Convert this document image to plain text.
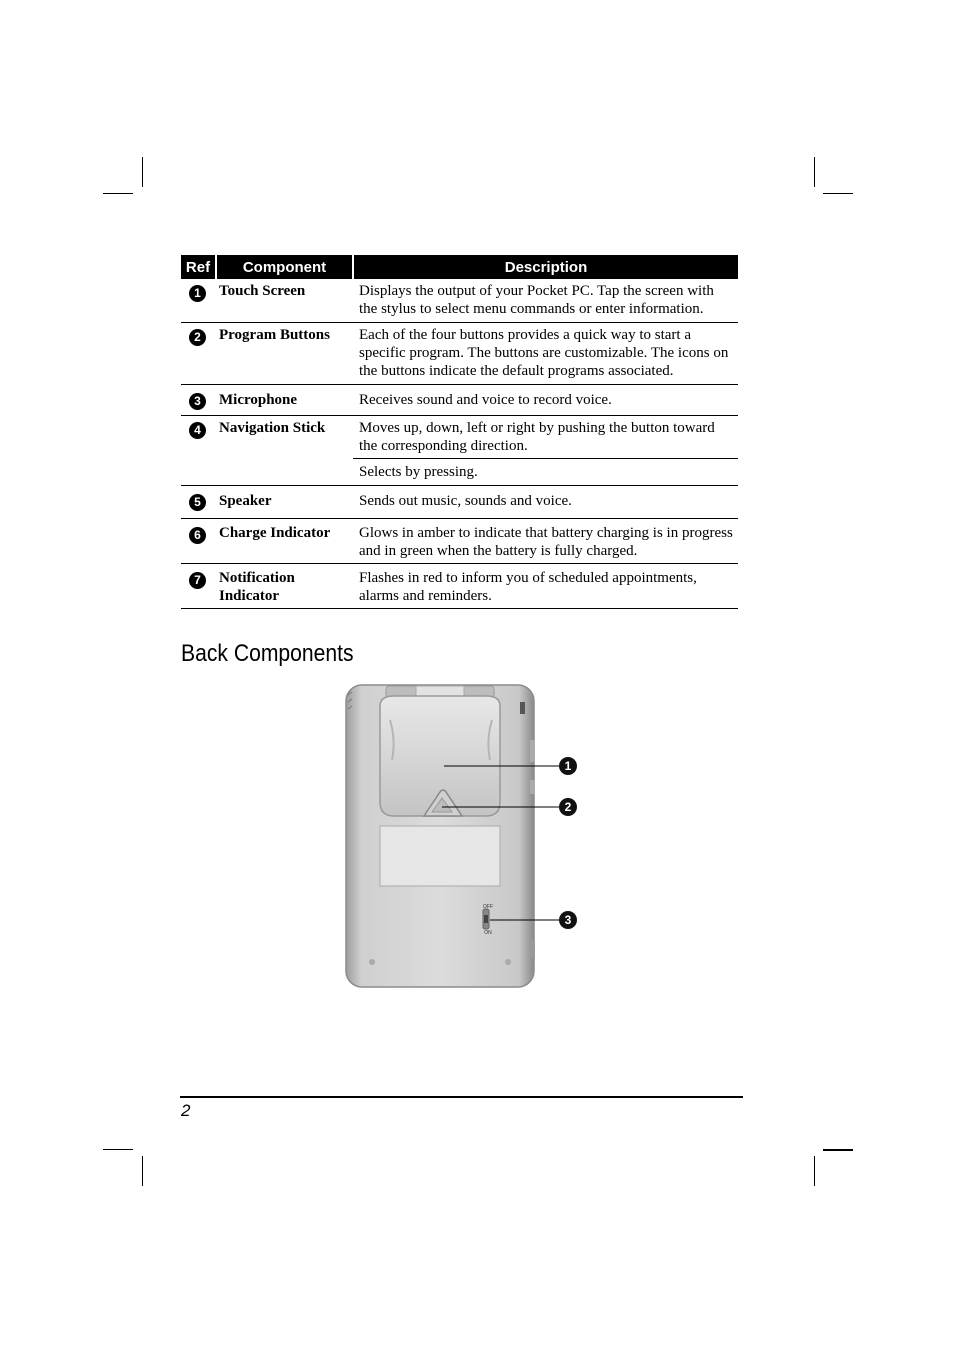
Ref	Component	Description
1	Touch Screen	Displays the output of your Pocket PC. Tap the screen with the stylus to select menu commands or enter information.
2	Program Buttons	Each of the four buttons provides a quick way to start a specific program. The buttons are customizable. The icons on the buttons indicate the default programs associated.
3	Microphone	Receives sound and voice to record voice.
4	Navigation Stick	Moves up, down, left or right by pushing the button toward the corresponding direction.
		Selects by pressing.
5	Speaker	Sends out music, sounds and voice.
6	Charge Indicator	Glows in amber to indicate that battery charging is in progress and in green when the battery is fully charged.
7	Notification Indicator	Flashes in red to inform you of scheduled appointments, alarms and reminders.
Back Components
OFF
ON
1
2
3
2
